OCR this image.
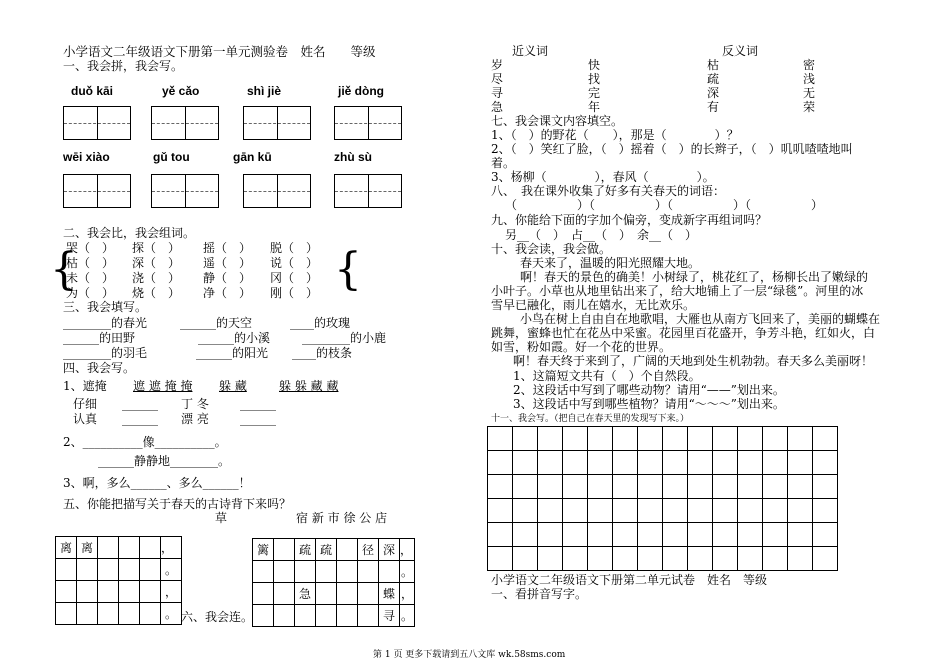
小学语文二年级语文下册第一单元测验卷　姓名　　等级
一、我会拼，我会写。
duǒ kāi	yě cǎo	shì jiè	jiě dònɡ
wēi xiào	ɡǔ tou	ɡān kū	zhù sù
二、我会比，我会组词。
哭（　） 探（　） 摇（　） 脱（　）
枯（　） 深（　） 遥（　） 说（　）
未（　） 浇（　） 静（　） 冈（　）
为（　） 烧（　） 净（　） 刚（　）
{	{
三、我会填写。
________的春光	______的天空	____的玫瑰
______的田野	______的小溪	________的小鹿
________的羽毛	______的阳光 ____的枝条
四、我会写。
1、遮掩 遮 遮 掩 掩 躲 藏	躲 躲 藏 藏
仔细 ______ 丁 冬	______
认真 ______ 漂 亮	______
2、__________像__________。
______静静地________。
3、啊，多么______、多么______！
五、你能把描写关于春天的古诗背下来吗？
草	宿 新 市 徐 公 店
离	离				，
					。
					，
					。 六、我会连。
篱		疏	疏		径	深	，
							。
		急				蝶	，
						寻	。
近义词	反义词
岁	快	枯	密
尽	找	疏	浅
寻	完	深	无
急	年	有	荣
七、我会课文内容填空。
1、（　）的野花（　　），那是（　　　　）？
2、（　）笑红了脸，（　）摇着（　）的长辫子，（　）叽叽喳喳地叫
着。
3、杨柳（　　　　），春风（　　　　）。
八、　我在课外收集了好多有关春天的词语：
（　　　　　）（　　　　　）（　　　　　）（　　　　　）
九、你能给下面的字加个偏旁，变成新字再组词吗？
另__（　）　占__（　）　余__（　）
十、我会读，我会做。
春天来了，温暖的阳光照耀大地。
啊！春天的景色的确美！小树绿了，桃花红了，杨柳长出了嫩绿的
小叶子。小草也从地里钻出来了，给大地铺上了一层“绿毯”。河里的冰
雪早已融化，雨儿在嬉水，无比欢乐。
小鸟在树上自由自在地歌唱，大雁也从南方飞回来了，美丽的蝴蝶在
跳舞，蜜蜂也忙在花丛中采蜜。花园里百花盛开，争芳斗艳，红如火，白
如雪，粉如霞。好一个花的世界。
啊！春天终于来到了，广阔的天地到处生机勃勃。春天多么美丽呀！
1、这篇短文共有（　）个自然段。
2、这段话中写到了哪些动物？请用“——”划出来。
3、这段话中写到哪些植物？请用“～～～”划出来。
十一、我会写。（把自己在春天里的发现写下来。）
小学语文二年级语文下册第二单元试卷　姓名　等级
一、看拼音写字。
第 1 页 更多下载请到五八文库 wk.58sms.com
